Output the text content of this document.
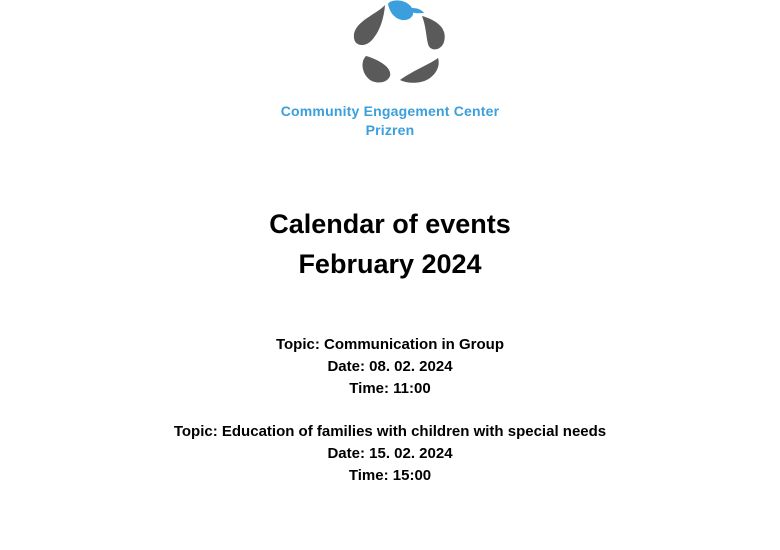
Community Engagement Center
Prizren
Calendar of events
February 2024
Topic: Communication in Group
Date: 08. 02. 2024
Time: 11:00
Topic: Education of families with children with special needs
Date: 15. 02. 2024
Time: 15:00
